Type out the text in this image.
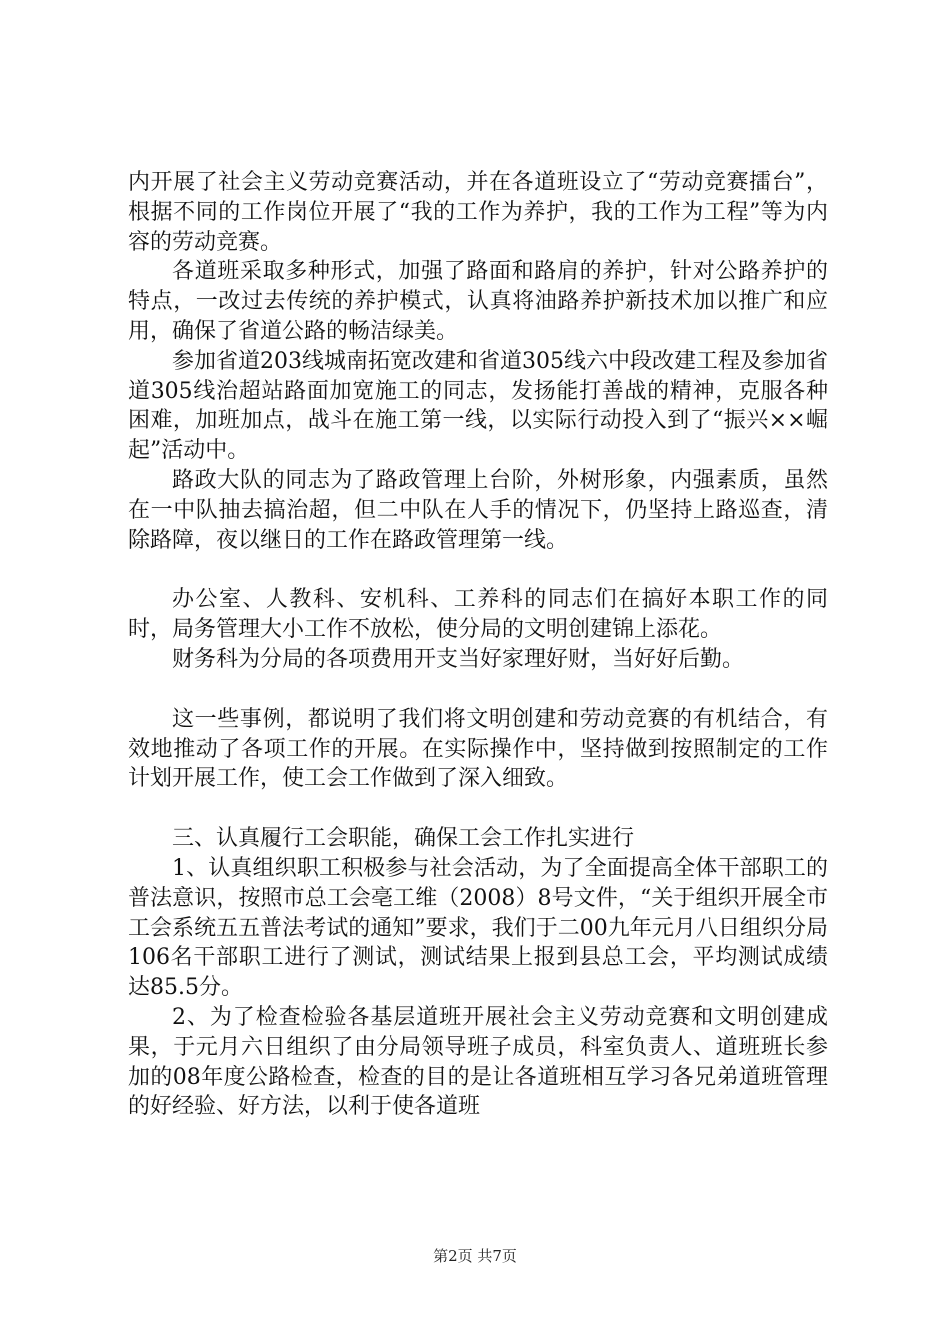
内开展了社会主义劳动竞赛活动，并在各道班设立了“劳动竞赛擂台”，根据不同的工作岗位开展了“我的工作为养护，我的工作为工程”等为内容的劳动竞赛。

各道班采取多种形式，加强了路面和路肩的养护，针对公路养护的特点，一改过去传统的养护模式，认真将油路养护新技术加以推广和应用，确保了省道公路的畅洁绿美。

参加省道203线城南拓宽改建和省道305线六中段改建工程及参加省道305线治超站路面加宽施工的同志，发扬能打善战的精神，克服各种困难，加班加点，战斗在施工第一线，以实际行动投入到了“振兴××崛起”活动中。

路政大队的同志为了路政管理上台阶，外树形象，内强素质，虽然在一中队抽去搞治超，但二中队在人手的情况下，仍坚持上路巡查，清除路障，夜以继日的工作在路政管理第一线。

办公室、人教科、安机科、工养科的同志们在搞好本职工作的同时，局务管理大小工作不放松，使分局的文明创建锦上添花。

财务科为分局的各项费用开支当好家理好财，当好好后勤。

这一些事例，都说明了我们将文明创建和劳动竞赛的有机结合，有效地推动了各项工作的开展。在实际操作中，坚持做到按照制定的工作计划开展工作，使工会工作做到了深入细致。

三、认真履行工会职能，确保工会工作扎实进行

1、认真组织职工积极参与社会活动，为了全面提高全体干部职工的普法意识，按照市总工会亳工维（2008）8号文件，“关于组织开展全市工会系统五五普法考试的通知”要求，我们于二00九年元月八日组织分局106名干部职工进行了测试，测试结果上报到县总工会，平均测试成绩达85.5分。

2、为了检查检验各基层道班开展社会主义劳动竞赛和文明创建成果，于元月六日组织了由分局领导班子成员，科室负责人、道班班长参加的08年度公路检查，检查的目的是让各道班相互学习各兄弟道班管理的好经验、好方法，以利于使各道班

第2页 共7页
